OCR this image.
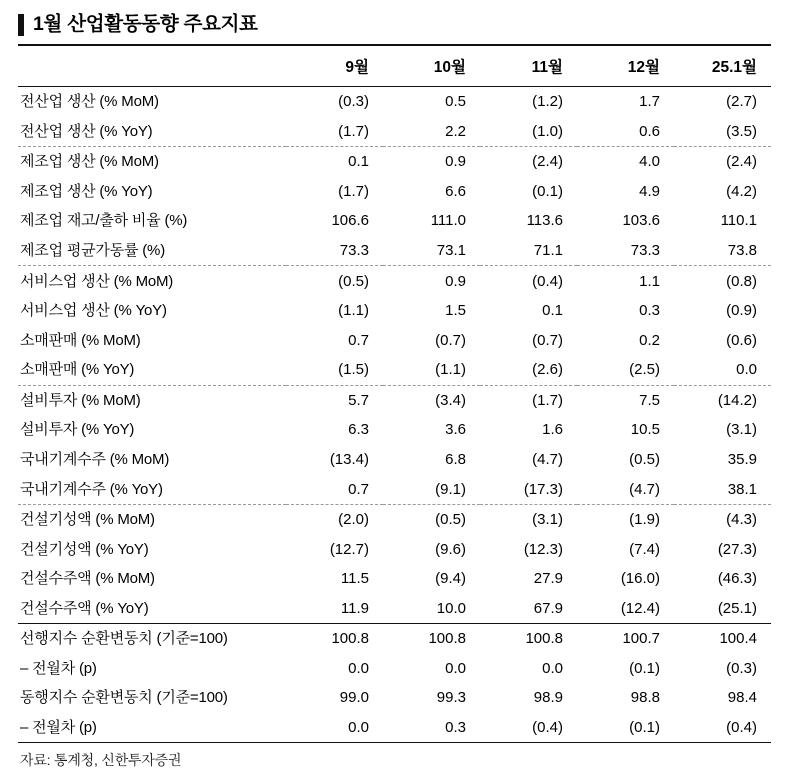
1월 산업활동동향 주요지표
	9월	10월	11월	12월	25.1월
전산업 생산 (% MoM)	(0.3)	0.5	(1.2)	1.7	(2.7)
전산업 생산 (% YoY)	(1.7)	2.2	(1.0)	0.6	(3.5)
제조업 생산 (% MoM)	0.1	0.9	(2.4)	4.0	(2.4)
제조업 생산 (% YoY)	(1.7)	6.6	(0.1)	4.9	(4.2)
제조업 재고/출하 비율 (%)	106.6	111.0	113.6	103.6	110.1
제조업 평균가동률 (%)	73.3	73.1	71.1	73.3	73.8
서비스업 생산 (% MoM)	(0.5)	0.9	(0.4)	1.1	(0.8)
서비스업 생산 (% YoY)	(1.1)	1.5	0.1	0.3	(0.9)
소매판매 (% MoM)	0.7	(0.7)	(0.7)	0.2	(0.6)
소매판매 (% YoY)	(1.5)	(1.1)	(2.6)	(2.5)	0.0
설비투자 (% MoM)	5.7	(3.4)	(1.7)	7.5	(14.2)
설비투자 (% YoY)	6.3	3.6	1.6	10.5	(3.1)
국내기계수주 (% MoM)	(13.4)	6.8	(4.7)	(0.5)	35.9
국내기계수주 (% YoY)	0.7	(9.1)	(17.3)	(4.7)	38.1
건설기성액 (% MoM)	(2.0)	(0.5)	(3.1)	(1.9)	(4.3)
건설기성액 (% YoY)	(12.7)	(9.6)	(12.3)	(7.4)	(27.3)
건설수주액 (% MoM)	11.5	(9.4)	27.9	(16.0)	(46.3)
건설수주액 (% YoY)	11.9	10.0	67.9	(12.4)	(25.1)
선행지수 순환변동치 (기준=100)	100.8	100.8	100.8	100.7	100.4
– 전월차 (p)	0.0	0.0	0.0	(0.1)	(0.3)
동행지수 순환변동치 (기준=100)	99.0	99.3	98.9	98.8	98.4
– 전월차 (p)	0.0	0.3	(0.4)	(0.1)	(0.4)
자료: 통계청, 신한투자증권
